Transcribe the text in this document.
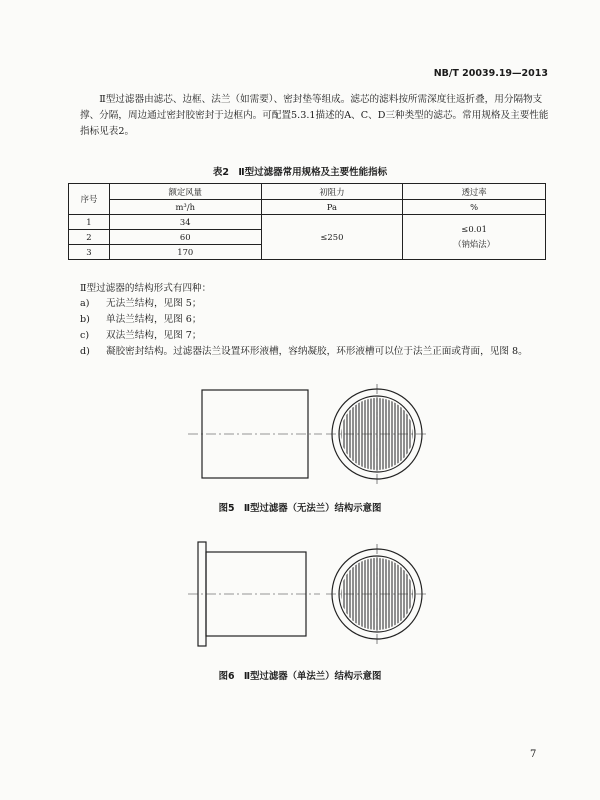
NB/T 20039.19—2013
Ⅱ型过滤器由滤芯、边框、法兰（如需要）、密封垫等组成。滤芯的滤料按所需深度往返折叠，用分隔物支撑、分隔，周边通过密封胶密封于边框内。可配置5.3.1描述的A、C、D三种类型的滤芯。常用规格及主要性能指标见表2。
表2　Ⅱ型过滤器常用规格及主要性能指标
序号	额定风量	初阻力	透过率
	m³/h	Pa	%
1	34	≤250	≤0.01
（钠焰法）

2	60		
3	170		
Ⅱ型过滤器的结构形式有四种：
a)	无法兰结构，见图 5；
b)	单法兰结构，见图 6；
c)	双法兰结构，见图 7；
d)	凝胶密封结构。过滤器法兰设置环形液槽，容纳凝胶，环形液槽可以位于法兰正面或背面，见图 8。
图5　Ⅱ型过滤器（无法兰）结构示意图
图6　Ⅱ型过滤器（单法兰）结构示意图
7
